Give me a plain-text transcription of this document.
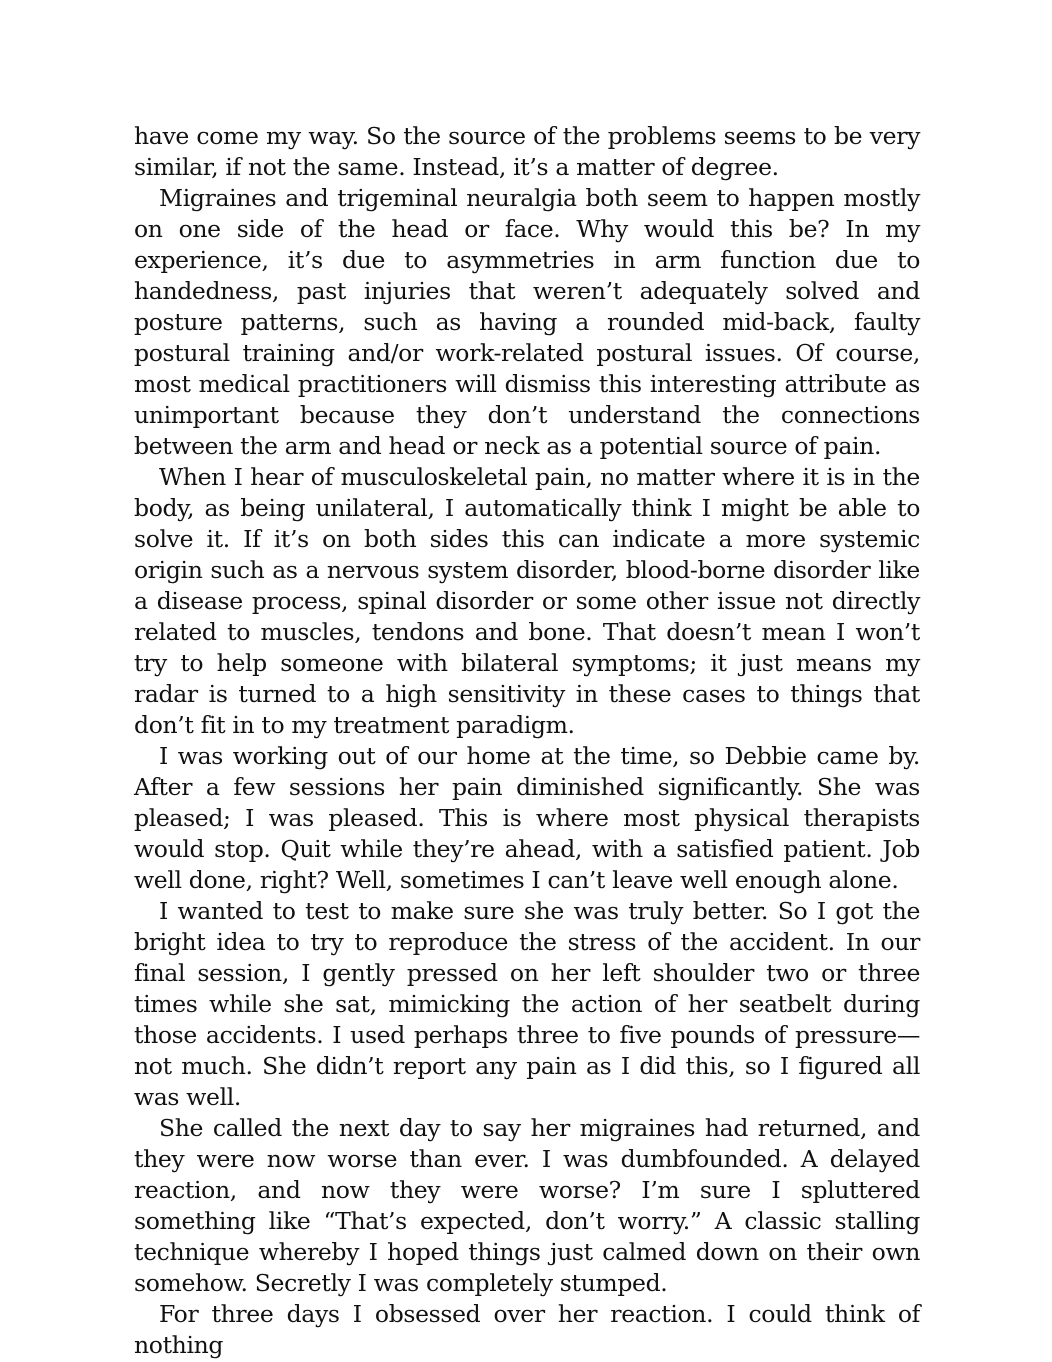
have come my way. So the source of the problems seems to be very similar, if not the same. Instead, it’s a matter of degree.

Migraines and trigeminal neuralgia both seem to happen mostly on one side of the head or face. Why would this be? In my experience, it’s due to asymmetries in arm function due to handedness, past injuries that weren’t adequately solved and posture patterns, such as having a rounded mid-back, faulty postural training and/or work-related postural issues. Of course, most medical practitioners will dismiss this interesting attribute as unimportant because they don’t understand the connections between the arm and head or neck as a potential source of pain.

When I hear of musculoskeletal pain, no matter where it is in the body, as being unilateral, I automatically think I might be able to solve it. If it’s on both sides this can indicate a more systemic origin such as a nervous system disorder, blood-borne disorder like a disease process, spinal disorder or some other issue not directly related to muscles, tendons and bone. That doesn’t mean I won’t try to help someone with bilateral symptoms; it just means my radar is turned to a high sensitivity in these cases to things that don’t fit in to my treatment paradigm.

I was working out of our home at the time, so Debbie came by. After a few sessions her pain diminished significantly. She was pleased; I was pleased. This is where most physical therapists would stop. Quit while they’re ahead, with a satisfied patient. Job well done, right? Well, sometimes I can’t leave well enough alone.

I wanted to test to make sure she was truly better. So I got the bright idea to try to reproduce the stress of the accident. In our final session, I gently pressed on her left shoulder two or three times while she sat, mimicking the action of her seatbelt during those accidents. I used perhaps three to five pounds of pressure—not much. She didn’t report any pain as I did this, so I figured all was well.

She called the next day to say her migraines had returned, and they were now worse than ever. I was dumbfounded. A delayed reaction, and now they were worse? I’m sure I spluttered something like “That’s expected, don’t worry.” A classic stalling technique whereby I hoped things just calmed down on their own somehow. Secretly I was completely stumped.

For three days I obsessed over her reaction. I could think of nothing
